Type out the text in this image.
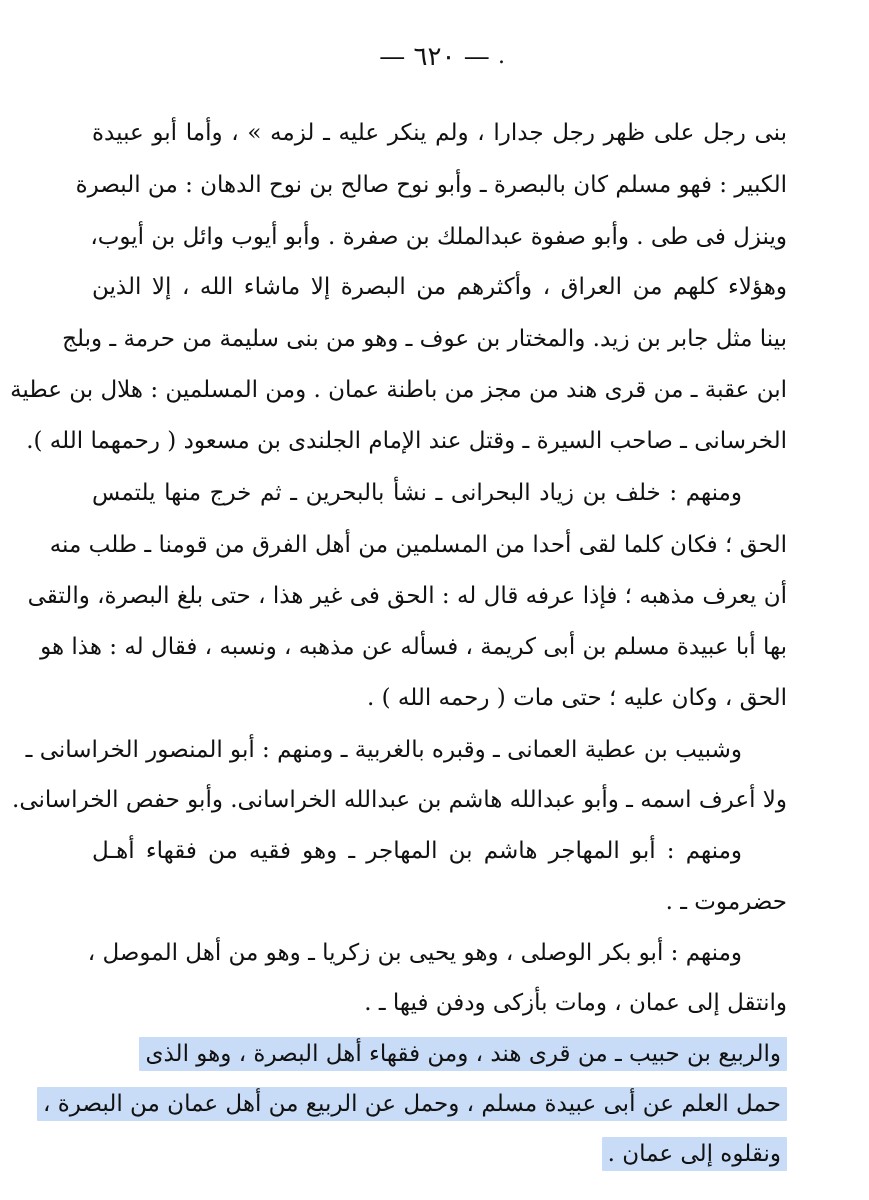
— ٦٢٠ — .
بنى رجل على ظهر رجل جدارا ، ولم ينكر عليه ـ لزمه » ، وأما أبو عبيدة
الكبير : فهو مسلم كان بالبصرة ـ وأبو نوح صالح بن نوح الدهان : من البصرة
وينزل فى طى . وأبو صفوة عبدالملك بن صفرة . وأبو أيوب وائل بن أيوب،
وهؤلاء كلهم من العراق ، وأكثرهم من البصرة إلا ماشاء الله ، إلا الذين
بينا مثل جابر بن زيد. والمختار بن عوف ـ وهو من بنى سليمة من حرمة ـ وبلج
ابن عقبة ـ من قرى هند من مجز من باطنة عمان . ومن المسلمين : هلال بن عطية
الخرسانى ـ صاحب السيرة ـ وقتل عند الإمام الجلندى بن مسعود ( رحمهما الله ).
ومنهم : خلف بن زياد البحرانى ـ نشأ بالبحرين ـ ثم خرج منها يلتمس
الحق ؛ فكان كلما لقى أحدا من المسلمين من أهل الفرق من قومنا ـ طلب منه
أن يعرف مذهبه ؛ فإذا عرفه قال له : الحق فى غير هذا ، حتى بلغ البصرة، والتقى
بها أبا عبيدة مسلم بن أبى كريمة ، فسأله عن مذهبه ، ونسبه ، فقال له : هذا هو
الحق ، وكان عليه ؛ حتى مات ( رحمه الله ) .
وشبيب بن عطية العمانى ـ وقبره بالغربية ـ ومنهم : أبو المنصور الخراسانى ـ
ولا أعرف اسمه ـ وأبو عبدالله هاشم بن عبدالله الخراسانى. وأبو حفص الخراسانى.
ومنهم : أبو المهاجر هاشم بن المهاجر ـ وهو فقيه من فقهاء أهـل
حضرموت ـ .
ومنهم : أبو بكر الوصلى ، وهو يحيى بن زكريا ـ وهو من أهل الموصل ،
وانتقل إلى عمان ، ومات بأزكى ودفن فيها ـ .
والربيع بن حبيب ـ من قرى هند ، ومن فقهاء أهل البصرة ، وهو الذى
حمل العلم عن أبى عبيدة مسلم ، وحمل عن الربيع من أهل عمان من البصرة ،
ونقلوه إلى عمان .
